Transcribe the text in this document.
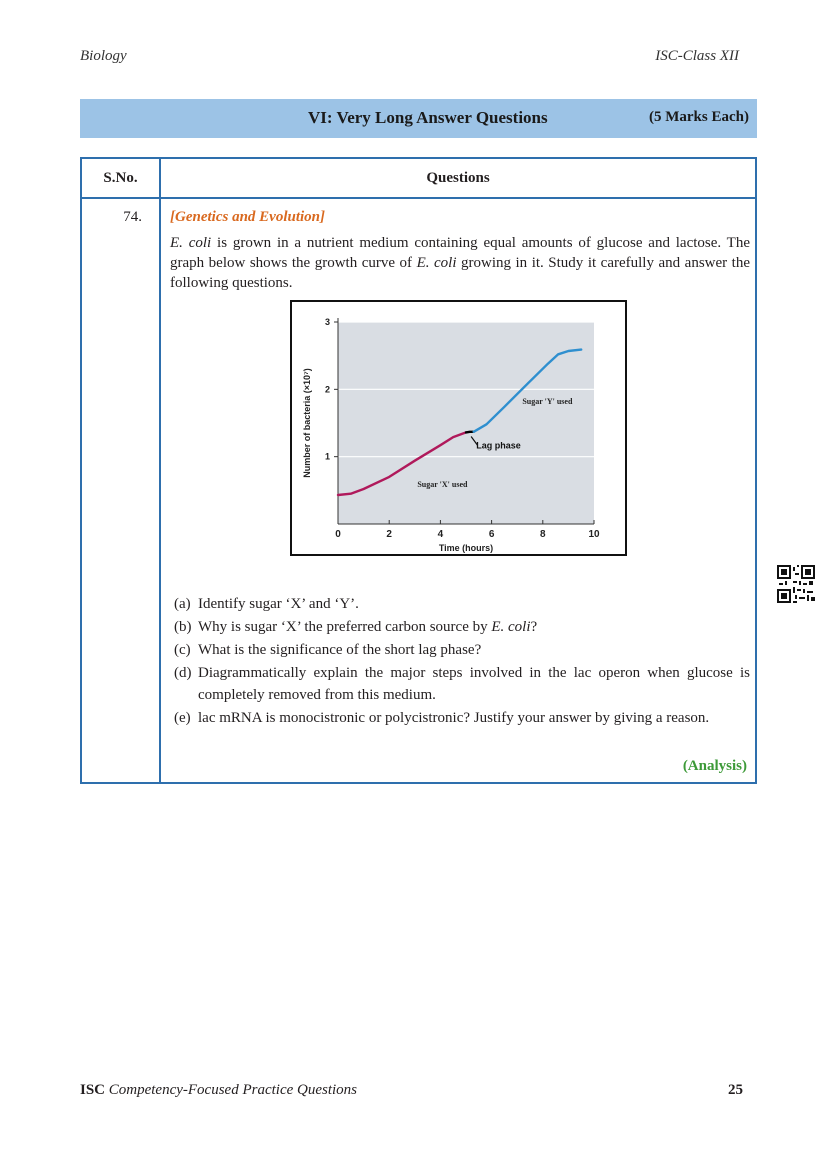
Biology	ISC-Class XII
VI: Very Long Answer Questions	(5 Marks Each)
S.No.	Questions
74. [Genetics and Evolution]
E. coli is grown in a nutrient medium containing equal amounts of glucose and lactose. The graph below shows the growth curve of E. coli growing in it. Study it carefully and answer the following questions.
0	2	4	6	8	10
1
2
3
Time (hours)
Number of bacteria (×10⁷)
Sugar 'X' used
Sugar 'Y' used
Lag phase
(a) Identify sugar ‘X’ and ‘Y’.
(b) Why is sugar ‘X’ the preferred carbon source by E. coli?
(c) What is the significance of the short lag phase?
(d) Diagrammatically explain the major steps involved in the lac operon when glucose is completely removed from this medium.
(e) lac mRNA is monocistronic or polycistronic? Justify your answer by giving a reason.
(Analysis)
ISC Competency-Focused Practice Questions	25
